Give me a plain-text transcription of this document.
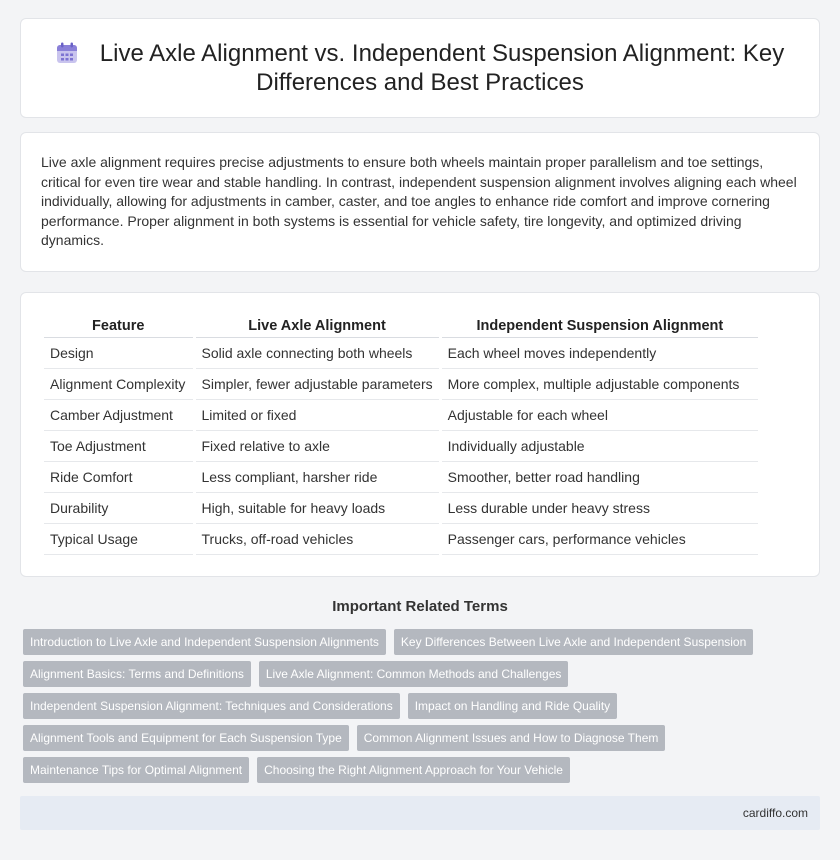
Live Axle Alignment vs. Independent Suspension Alignment: Key Differences and Best Practices

Live axle alignment requires precise adjustments to ensure both wheels maintain proper parallelism and toe settings, critical for even tire wear and stable handling. In contrast, independent suspension alignment involves aligning each wheel individually, allowing for adjustments in camber, caster, and toe angles to enhance ride comfort and improve cornering performance. Proper alignment in both systems is essential for vehicle safety, tire longevity, and optimized driving dynamics.

Feature	Live Axle Alignment	Independent Suspension Alignment
Design	Solid axle connecting both wheels	Each wheel moves independently
Alignment Complexity	Simpler, fewer adjustable parameters	More complex, multiple adjustable components
Camber Adjustment	Limited or fixed	Adjustable for each wheel
Toe Adjustment	Fixed relative to axle	Individually adjustable
Ride Comfort	Less compliant, harsher ride	Smoother, better road handling
Durability	High, suitable for heavy loads	Less durable under heavy stress
Typical Usage	Trucks, off-road vehicles	Passenger cars, performance vehicles
Important Related Terms
Introduction to Live Axle and Independent Suspension Alignments	Key Differences Between Live Axle and Independent Suspension
Alignment Basics: Terms and Definitions	Live Axle Alignment: Common Methods and Challenges
Independent Suspension Alignment: Techniques and Considerations	Impact on Handling and Ride Quality
Alignment Tools and Equipment for Each Suspension Type	Common Alignment Issues and How to Diagnose Them
Maintenance Tips for Optimal Alignment	Choosing the Right Alignment Approach for Your Vehicle
cardiffo.com
